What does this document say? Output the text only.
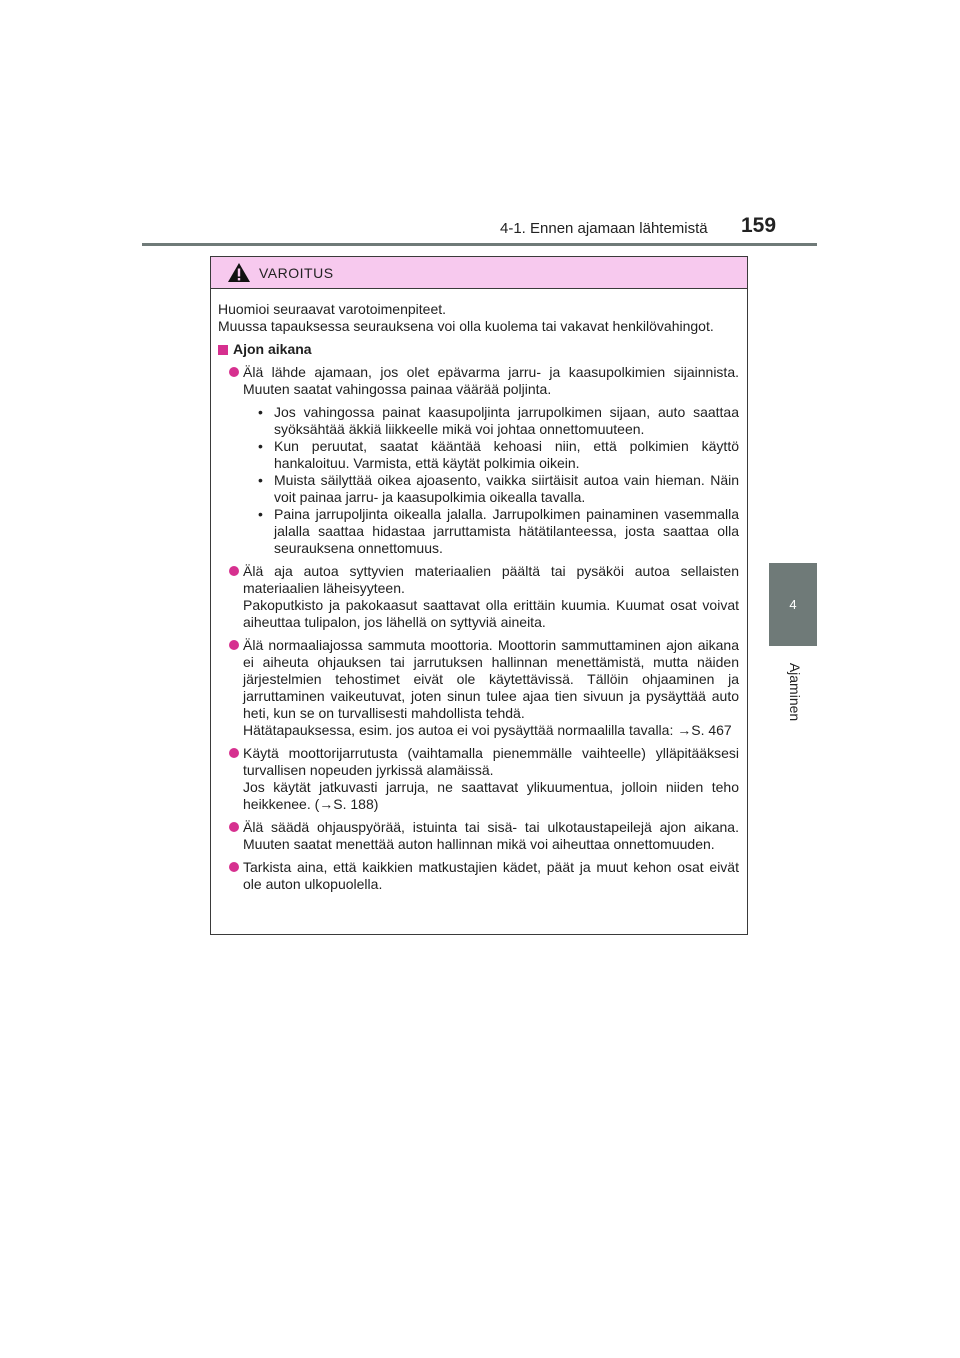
4-1. Ennen ajamaan lähtemistä 159
4
Ajaminen
VAROITUS

Huomioi seuraavat varotoimenpiteet.

Muussa tapauksessa seurauksena voi olla kuolema tai vakavat henkilövahingot.

Ajon aikana

Älä lähde ajamaan, jos olet epävarma jarru- ja kaasupolkimien sijainnista. Muuten saatat vahingossa painaa väärää poljinta.

• Jos vahingossa painat kaasupoljinta jarrupolkimen sijaan, auto saattaa syöksähtää äkkiä liikkeelle mikä voi johtaa onnettomuuteen.
• Kun peruutat, saatat kääntää kehoasi niin, että polkimien käyttö hankaloituu. Varmista, että käytät polkimia oikein.
• Muista säilyttää oikea ajoasento, vaikka siirtäisit autoa vain hieman. Näin voit painaa jarru- ja kaasupolkimia oikealla tavalla.
• Paina jarrupoljinta oikealla jalalla. Jarrupolkimen painaminen vasemmalla jalalla saattaa hidastaa jarruttamista hätätilanteessa, josta saattaa olla seurauksena onnettomuus.

Älä aja autoa syttyvien materiaalien päältä tai pysäköi autoa sellaisten materiaalien läheisyyteen.

Pakoputkisto ja pakokaasut saattavat olla erittäin kuumia. Kuumat osat voivat aiheuttaa tulipalon, jos lähellä on syttyviä aineita.

Älä normaaliajossa sammuta moottoria. Moottorin sammuttaminen ajon aikana ei aiheuta ohjauksen tai jarrutuksen hallinnan menettämistä, mutta näiden järjestelmien tehostimet eivät ole käytettävissä. Tällöin ohjaaminen ja jarruttaminen vaikeutuvat, joten sinun tulee ajaa tien sivuun ja pysäyttää auto heti, kun se on turvallisesti mahdollista tehdä.

Hätätapauksessa, esim. jos autoa ei voi pysäyttää normaalilla tavalla: →S. 467

Käytä moottorijarrutusta (vaihtamalla pienemmälle vaihteelle) ylläpitääksesi turvallisen nopeuden jyrkissä alamäissä.

Jos käytät jatkuvasti jarruja, ne saattavat ylikuumentua, jolloin niiden teho heikkenee. (→S. 188)

Älä säädä ohjauspyörää, istuinta tai sisä- tai ulkotaustapeilejä ajon aikana. Muuten saatat menettää auton hallinnan mikä voi aiheuttaa onnettomuuden.

Tarkista aina, että kaikkien matkustajien kädet, päät ja muut kehon osat eivät ole auton ulkopuolella.
